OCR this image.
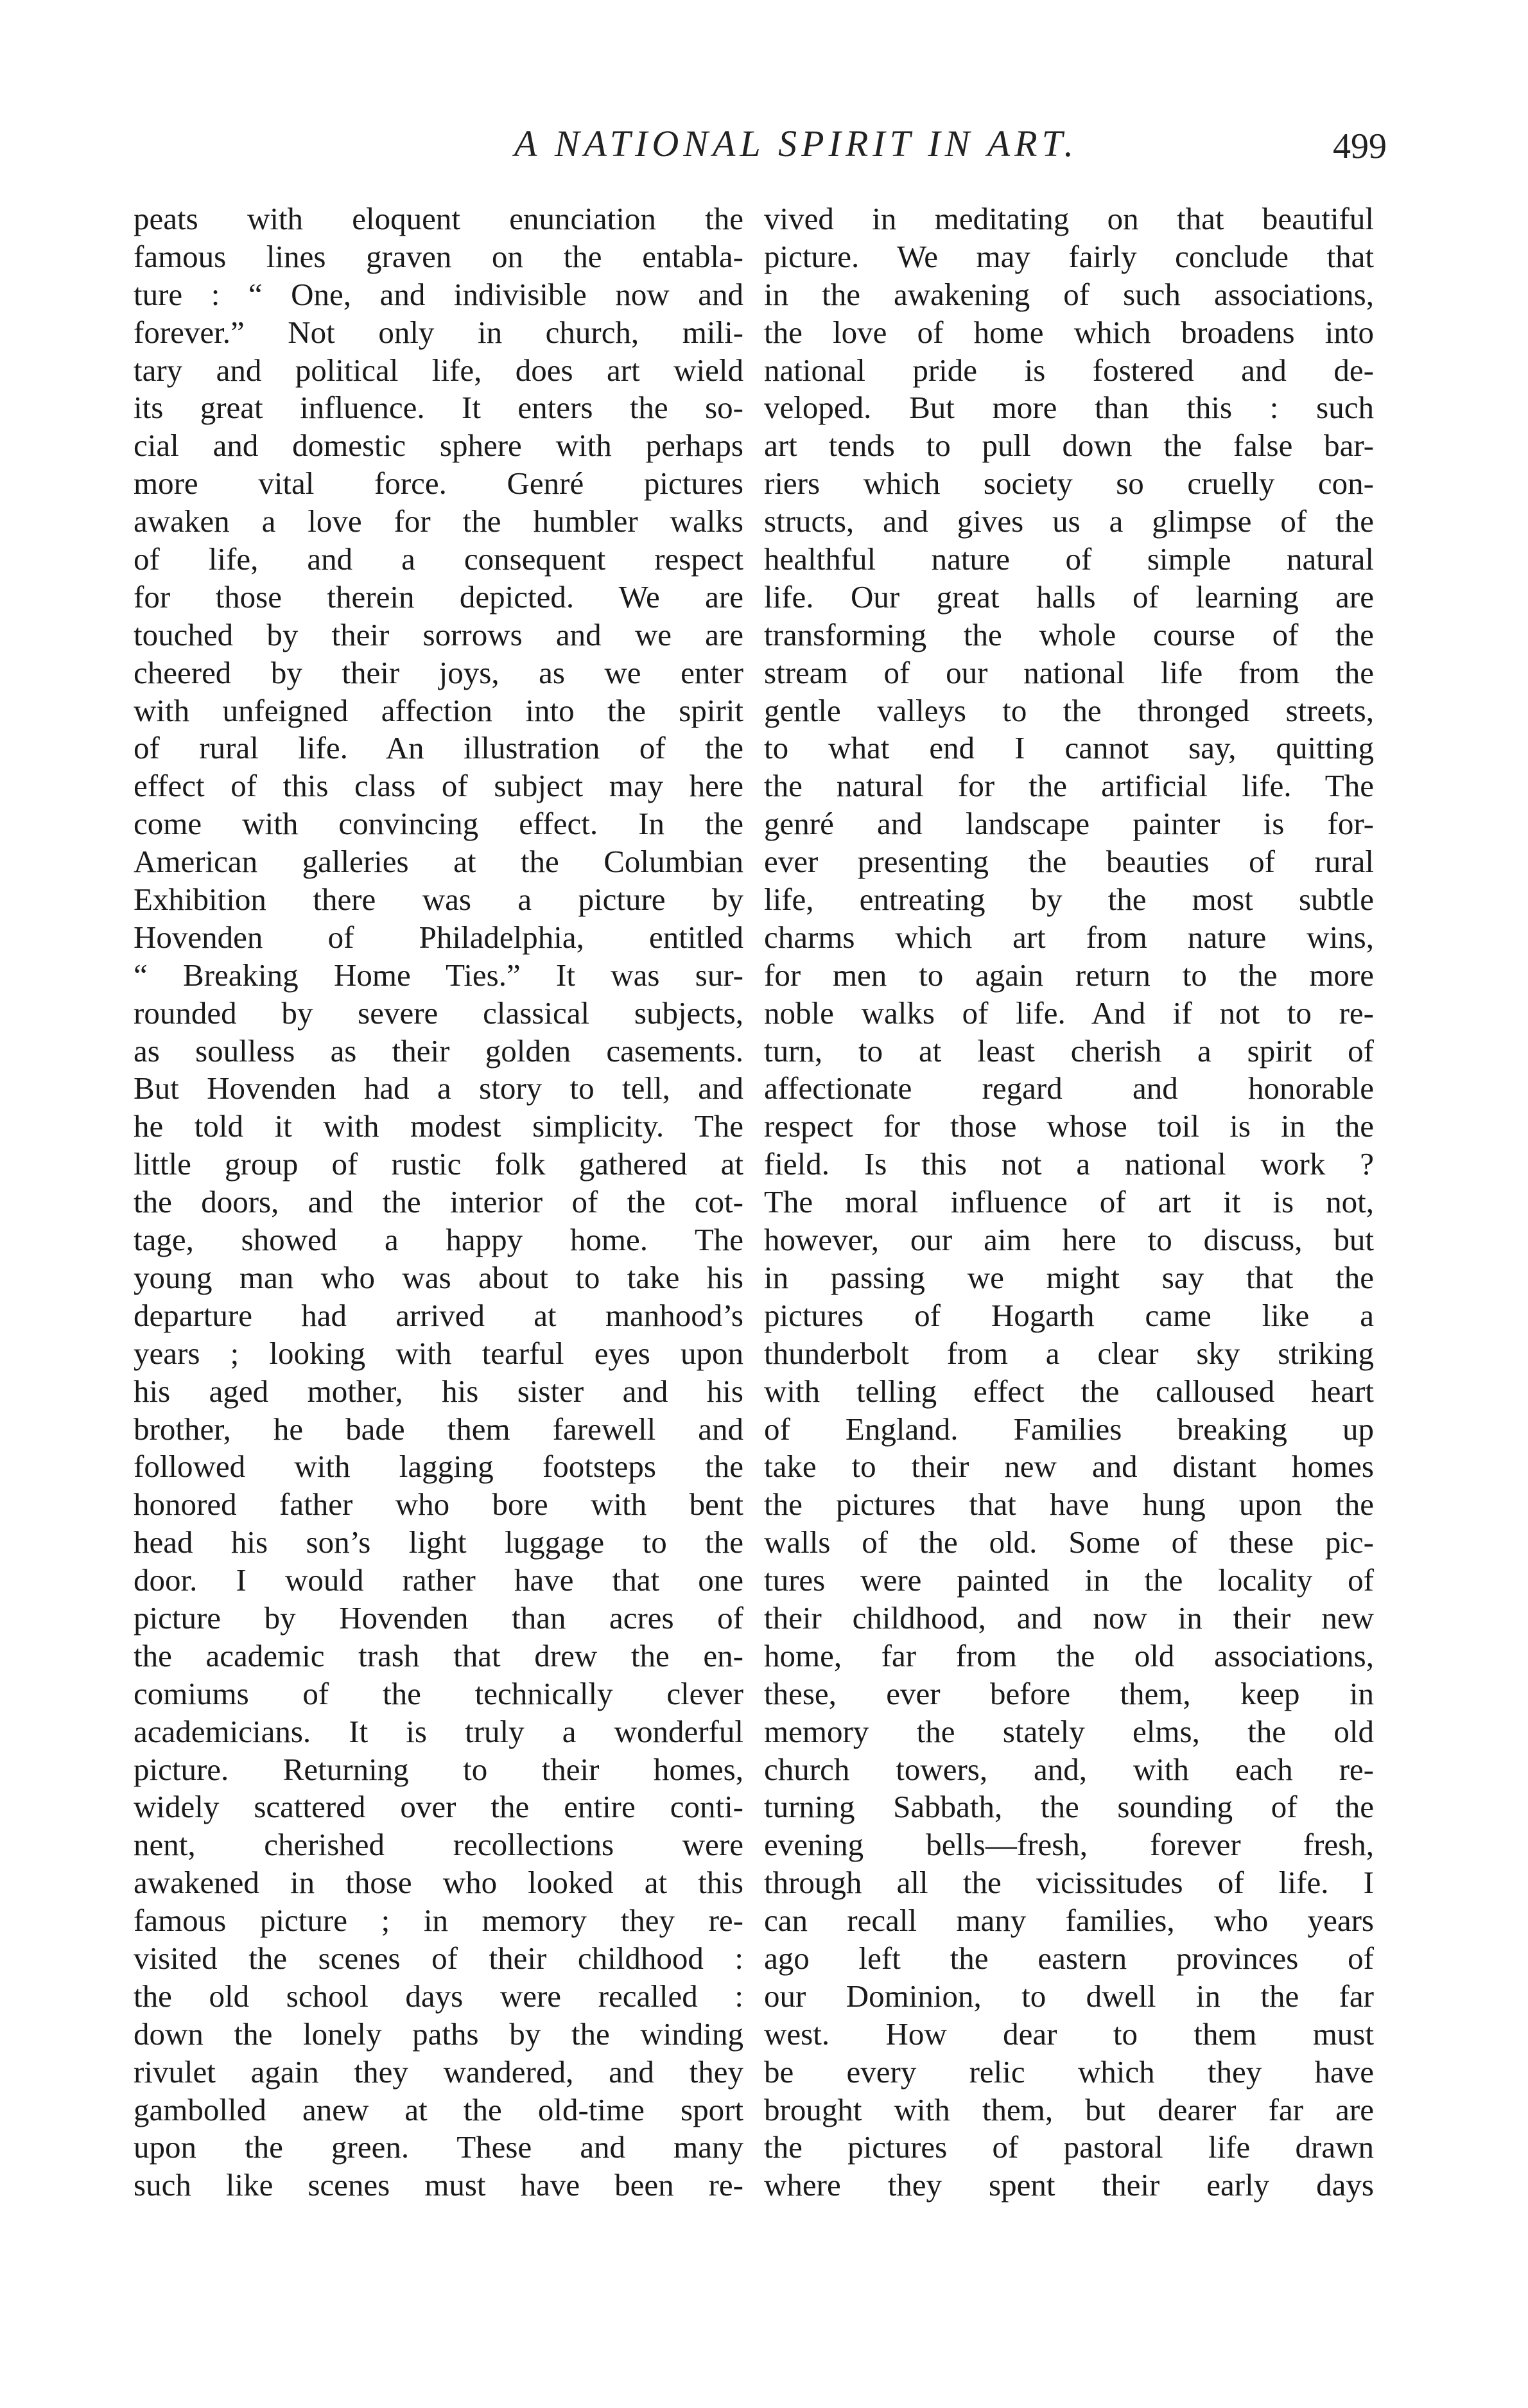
A NATIONAL SPIRIT IN ART.	499
peats with eloquent enunciation the
famous lines graven on the entabla-
ture : “ One, and indivisible now and
forever.” Not only in church, mili-
tary and political life, does art wield
its great influence. It enters the so-
cial and domestic sphere with perhaps
more vital force. Genré pictures
awaken a love for the humbler walks
of life, and a consequent respect
for those therein depicted. We are
touched by their sorrows and we are
cheered by their joys, as we enter
with unfeigned affection into the spirit
of rural life. An illustration of the
effect of this class of subject may here
come with convincing effect. In the
American galleries at the Columbian
Exhibition there was a picture by
Hovenden of Philadelphia, entitled
“ Breaking Home Ties.” It was sur-
rounded by severe classical subjects,
as soulless as their golden casements.
But Hovenden had a story to tell, and
he told it with modest simplicity. The
little group of rustic folk gathered at
the doors, and the interior of the cot-
tage, showed a happy home. The
young man who was about to take his
departure had arrived at manhood’s
years ; looking with tearful eyes upon
his aged mother, his sister and his
brother, he bade them farewell and
followed with lagging footsteps the
honored father who bore with bent
head his son’s light luggage to the
door. I would rather have that one
picture by Hovenden than acres of
the academic trash that drew the en-
comiums of the technically clever
academicians. It is truly a wonderful
picture. Returning to their homes,
widely scattered over the entire conti-
nent, cherished recollections were
awakened in those who looked at this
famous picture ; in memory they re-
visited the scenes of their childhood :
the old school days were recalled :
down the lonely paths by the winding
rivulet again they wandered, and they
gambolled anew at the old-time sport
upon the green. These and many
such like scenes must have been re-
vived in meditating on that beautiful
picture. We may fairly conclude that
in the awakening of such associations,
the love of home which broadens into
national pride is fostered and de-
veloped. But more than this : such
art tends to pull down the false bar-
riers which society so cruelly con-
structs, and gives us a glimpse of the
healthful nature of simple natural
life. Our great halls of learning are
transforming the whole course of the
stream of our national life from the
gentle valleys to the thronged streets,
to what end I cannot say, quitting
the natural for the artificial life. The
genré and landscape painter is for-
ever presenting the beauties of rural
life, entreating by the most subtle
charms which art from nature wins,
for men to again return to the more
noble walks of life. And if not to re-
turn, to at least cherish a spirit of
affectionate regard and honorable
respect for those whose toil is in the
field. Is this not a national work ?
The moral influence of art it is not,
however, our aim here to discuss, but
in passing we might say that the
pictures of Hogarth came like a
thunderbolt from a clear sky striking
with telling effect the calloused heart
of England. Families breaking up
take to their new and distant homes
the pictures that have hung upon the
walls of the old. Some of these pic-
tures were painted in the locality of
their childhood, and now in their new
home, far from the old associations,
these, ever before them, keep in
memory the stately elms, the old
church towers, and, with each re-
turning Sabbath, the sounding of the
evening bells—fresh, forever fresh,
through all the vicissitudes of life. I
can recall many families, who years
ago left the eastern provinces of
our Dominion, to dwell in the far
west. How dear to them must
be every relic which they have
brought with them, but dearer far are
the pictures of pastoral life drawn
where they spent their early days
